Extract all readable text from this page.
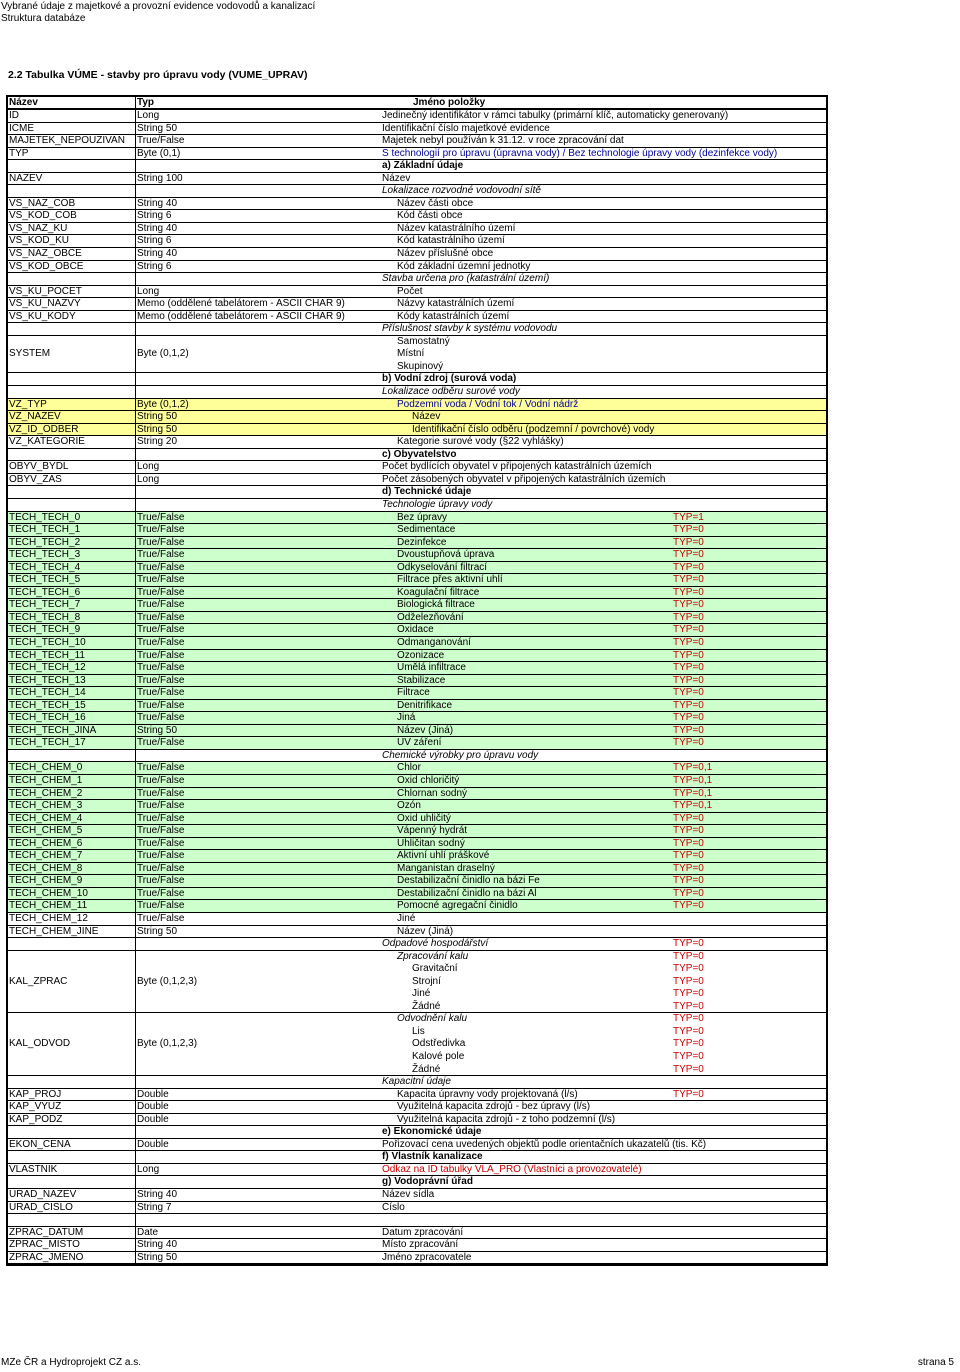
Vybrané údaje z majetkové a provozní evidence vodovodů a kanalizací
Struktura databáze
2.2 Tabulka VÚME - stavby pro úpravu vody (VUME_UPRAV)
Název	Typ	Jméno položky
ID	Long	Jedinečný identifikátor v rámci tabulky (primární klíč, automaticky generovaný)
ICME	String 50	Identifikační číslo majetkové evidence
MAJETEK_NEPOUZIVAN True/False	Majetek nebyl používán k 31.12. v roce zpracování dat
TYP	Byte (0,1)	S technologií pro úpravu (úpravna vody) / Bez technologie úpravy vody (dezinfekce vody)
a) Základní údaje
NAZEV	String 100	Název
Lokalizace rozvodné vodovodní sítě
VS_NAZ_COB	String 40	Název části obce
VS_KOD_COB	String 6	Kód části obce
VS_NAZ_KU	String 40	Název katastrálního území
VS_KOD_KU	String 6	Kód katastrálního území
VS_NAZ_OBCE	String 40	Název příslušné obce
VS_KOD_OBCE	String 6	Kód základní územní jednotky
Stavba určena pro (katastrální území)
VS_KU_POCET	Long	Počet
VS_KU_NAZVY	Memo (oddělené tabelátorem - ASCII CHAR 9)	Názvy katastrálních území
VS_KU_KODY	Memo (oddělené tabelátorem - ASCII CHAR 9)	Kódy katastrálních území
Příslušnost stavby k systému vodovodu
Samostatný
SYSTEM	Byte (0,1,2)	Místní
Skupinový
b) Vodní zdroj (surová voda)
Lokalizace odběru surové vody
VZ_TYP	Byte (0,1,2)	Podzemní voda / Vodní tok / Vodní nádrž
VZ_NAZEV	String 50	Název
VZ_ID_ODBER	String 50	Identifikační číslo odběru (podzemní / povrchové) vody
VZ_KATEGORIE	String 20	Kategorie surové vody (§22 vyhlášky)
c) Obyvatelstvo
OBYV_BYDL	Long	Počet bydlících obyvatel v připojených katastrálních územích
OBYV_ZAS	Long	Počet zásobených obyvatel v připojených katastrálních územích
d) Technické údaje
Technologie úpravy vody
TECH_TECH_0	True/False	Bez úpravy	TYP=1
TECH_TECH_1	True/False	Sedimentace	TYP=0
TECH_TECH_2	True/False	Dezinfekce	TYP=0
TECH_TECH_3	True/False	Dvoustupňová úprava	TYP=0
TECH_TECH_4	True/False	Odkyselování filtrací	TYP=0
TECH_TECH_5	True/False	Filtrace přes aktivní uhlí	TYP=0
TECH_TECH_6	True/False	Koagulační filtrace	TYP=0
TECH_TECH_7	True/False	Biologická filtrace	TYP=0
TECH_TECH_8	True/False	Odželezňování	TYP=0
TECH_TECH_9	True/False	Oxidace	TYP=0
TECH_TECH_10	True/False	Odmanganování	TYP=0
TECH_TECH_11	True/False	Ozonizace	TYP=0
TECH_TECH_12	True/False	Umělá infiltrace	TYP=0
TECH_TECH_13	True/False	Stabilizace	TYP=0
TECH_TECH_14	True/False	Filtrace	TYP=0
TECH_TECH_15	True/False	Denitrifikace	TYP=0
TECH_TECH_16	True/False	Jiná	TYP=0
TECH_TECH_JINA	String 50	Název (Jiná)	TYP=0
TECH_TECH_17	True/False	UV záření	TYP=0
Chemické výrobky pro úpravu vody
TECH_CHEM_0	True/False	Chlor	TYP=0,1
TECH_CHEM_1	True/False	Oxid chloričitý	TYP=0,1
TECH_CHEM_2	True/False	Chlornan sodný	TYP=0,1
TECH_CHEM_3	True/False	Ozón	TYP=0,1
TECH_CHEM_4	True/False	Oxid uhličitý	TYP=0
TECH_CHEM_5	True/False	Vápenný hydrát	TYP=0
TECH_CHEM_6	True/False	Uhličitan sodný	TYP=0
TECH_CHEM_7	True/False	Aktivní uhlí práškové	TYP=0
TECH_CHEM_8	True/False	Manganistan draselný	TYP=0
TECH_CHEM_9	True/False	Destabilizační činidlo na bázi Fe	TYP=0
TECH_CHEM_10	True/False	Destabilizační činidlo na bázi Al	TYP=0
TECH_CHEM_11	True/False	Pomocné agregační činidlo	TYP=0
TECH_CHEM_12	True/False	Jiné
TECH_CHEM_JINE	String 50	Název (Jiná)
Odpadové hospodářství	TYP=0
Zpracování kalu	TYP=0
Gravitační	TYP=0
KAL_ZPRAC	Byte (0,1,2,3)	Strojní	TYP=0
Jiné	TYP=0
Žádné	TYP=0
Odvodnění kalu	TYP=0
Lis	TYP=0
KAL_ODVOD	Byte (0,1,2,3)	Odstředivka	TYP=0
Kalové pole	TYP=0
Žádné	TYP=0
Kapacitní údaje
KAP_PROJ	Double	Kapacita úpravny vody projektovaná (l/s)	TYP=0
KAP_VYUZ	Double	Využitelná kapacita zdrojů - bez úpravy (l/s)
KAP_PODZ	Double	Využitelná kapacita zdrojů - z toho podzemní (l/s)
e) Ekonomické údaje
EKON_CENA	Double	Pořizovací cena uvedených objektů podle orientačních ukazatelů (tis. Kč)
f) Vlastník kanalizace
VLASTNIK	Long	Odkaz na ID tabulky VLA_PRO (Vlastníci a provozovatelé)
g) Vodoprávní úřad
URAD_NAZEV	String 40	Název sídla
URAD_CISLO	String 7	Číslo
ZPRAC_DATUM	Date	Datum zpracování
ZPRAC_MISTO	String 40	Místo zpracování
ZPRAC_JMENO	String 50	Jméno zpracovatele
MZe ČR a Hydroprojekt CZ a.s.	strana 5
